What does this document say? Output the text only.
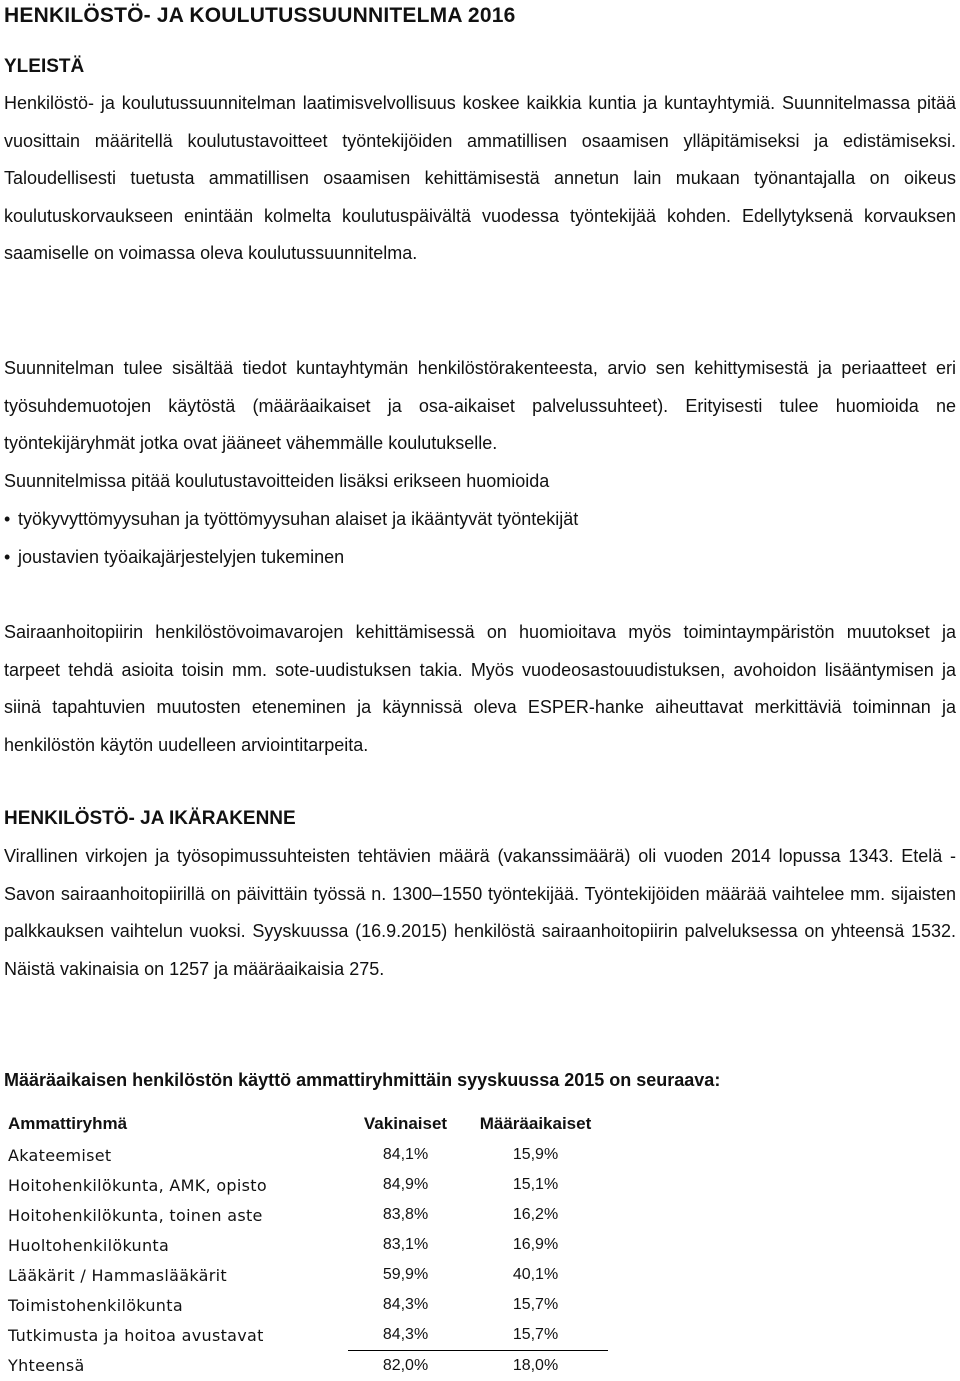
HENKILÖSTÖ- JA KOULUTUSSUUNNITELMA 2016
YLEISTÄ

Henkilöstö- ja koulutussuunnitelman laatimisvelvollisuus koskee kaikkia kuntia ja kuntayhtymiä. Suunnitelmassa pitää vuosittain määritellä koulutustavoitteet työntekijöiden ammatillisen osaamisen ylläpitämiseksi ja edistämiseksi. Taloudellisesti tuetusta ammatillisen osaamisen kehittämisestä annetun lain mukaan työnantajalla on oikeus koulutuskorvaukseen enintään kolmelta koulutuspäivältä vuodessa työntekijää kohden. Edellytyksenä korvauksen saamiselle on voimassa oleva koulutussuunnitelma.

Suunnitelman tulee sisältää tiedot kuntayhtymän henkilöstörakenteesta, arvio sen kehittymisestä ja periaatteet eri työsuhdemuotojen käytöstä (määräaikaiset ja osa-aikaiset palvelussuhteet). Erityisesti tulee huomioida ne työntekijäryhmät jotka ovat jääneet vähemmälle koulutukselle.

Suunnitelmissa pitää koulutustavoitteiden lisäksi erikseen huomioida

• työkyvyttömyysuhan ja työttömyysuhan alaiset ja ikääntyvät työntekijät
• joustavien työaikajärjestelyjen tukeminen

Sairaanhoitopiirin henkilöstövoimavarojen kehittämisessä on huomioitava myös toimintaympäristön muutokset ja tarpeet tehdä asioita toisin mm. sote-uudistuksen takia. Myös vuodeosastouudistuksen, avohoidon lisääntymisen ja siinä tapahtuvien muutosten eteneminen ja käynnissä oleva ESPER-hanke aiheuttavat merkittäviä toiminnan ja henkilöstön käytön uudelleen arviointitarpeita.

HENKILÖSTÖ- JA IKÄRAKENNE

Virallinen virkojen ja työsopimussuhteisten tehtävien määrä (vakanssimäärä) oli vuoden 2014 lopussa 1343. Etelä -Savon sairaanhoitopiirillä on päivittäin työssä n. 1300–1550 työntekijää. Työntekijöiden määrää vaihtelee mm. sijaisten palkkauksen vaihtelun vuoksi. Syyskuussa (16.9.2015) henkilöstä sairaanhoitopiirin palveluksessa on yhteensä 1532. Näistä vakinaisia on 1257 ja määräaikaisia 275.

Määräaikaisen henkilöstön käyttö ammattiryhmittäin syyskuussa 2015 on seuraava:

Ammattiryhmä	Vakinaiset	Määräaikaiset
Akateemiset	84,1%	15,9%
Hoitohenkilökunta, AMK, opisto	84,9%	15,1%
Hoitohenkilökunta, toinen aste	83,8%	16,2%
Huoltohenkilökunta	83,1%	16,9%
Lääkärit / Hammaslääkärit	59,9%	40,1%
Toimistohenkilökunta	84,3%	15,7%
Tutkimusta ja hoitoa avustavat	84,3%	15,7%
Yhteensä	82,0%	18,0%
